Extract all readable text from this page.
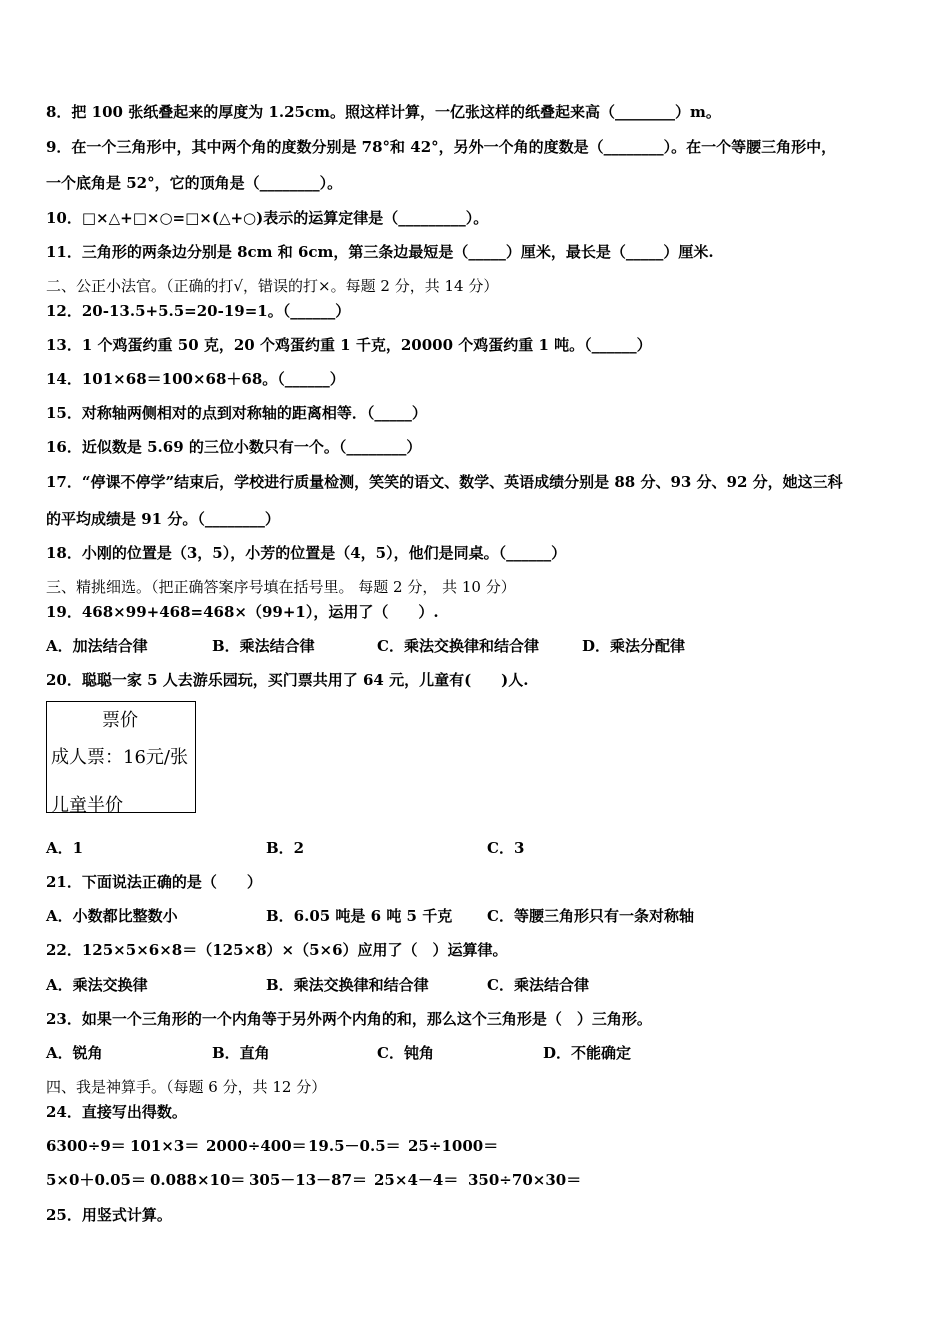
8．把 100 张纸叠起来的厚度为 1.25cm。照这样计算，一亿张这样的纸叠起来高（________）m。
9．在一个三角形中，其中两个角的度数分别是 78°和 42°，另外一个角的度数是（________）。在一个等腰三角形中，
一个底角是 52°，它的顶角是（________）。
10．□×△+□×○=□×(△+○)表示的运算定律是（_________）。
11．三角形的两条边分别是 8cm 和 6cm，第三条边最短是（_____）厘米，最长是（_____）厘米.
二、公正小法官。（正确的打√，错误的打×。每题 2 分，共 14 分）
12．20-13.5+5.5=20-19=1。（______）
13．1 个鸡蛋约重 50 克，20 个鸡蛋约重 1 千克，20000 个鸡蛋约重 1 吨。（______）
14．101×68＝100×68＋68。（______）
15．对称轴两侧相对的点到对称轴的距离相等．（_____）
16．近似数是 5.69 的三位小数只有一个。（________）
17．“停课不停学”结束后，学校进行质量检测，笑笑的语文、数学、英语成绩分别是 88 分、93 分、92 分，她这三科
的平均成绩是 91 分。（________）
18．小刚的位置是（3，5），小芳的位置是（4，5），他们是同桌。（______）
三、精挑细选。（把正确答案序号填在括号里。 每题 2 分， 共 10 分）
19．468×99+468=468×（99+1），运用了（　　）.
A．加法结合律	B．乘法结合律	C．乘法交换律和结合律	D．乘法分配律
20．聪聪一家 5 人去游乐园玩，买门票共用了 64 元，儿童有(　　)人.
票价
成人票：16元/张
儿童半价
A．1	B．2	C．3
21．下面说法正确的是（　　）
A．小数都比整数小	B．6.05 吨是 6 吨 5 千克 C．等腰三角形只有一条对称轴
22．125×5×6×8＝（125×8）×（5×6）应用了（　）运算律。
A．乘法交换律	B．乘法交换律和结合律	C．乘法结合律
23．如果一个三角形的一个内角等于另外两个内角的和，那么这个三角形是（　）三角形。
A．锐角	B．直角	C．钝角	D．不能确定
四、我是神算手。（每题 6 分，共 12 分）
24．直接写出得数。
6300÷9＝ 101×3＝ 2000÷400＝ 19.5－0.5＝ 25÷1000＝
5×0＋0.05＝ 0.088×10＝ 305－13－87＝ 25×4－4＝ 350÷70×30＝
25．用竖式计算。
